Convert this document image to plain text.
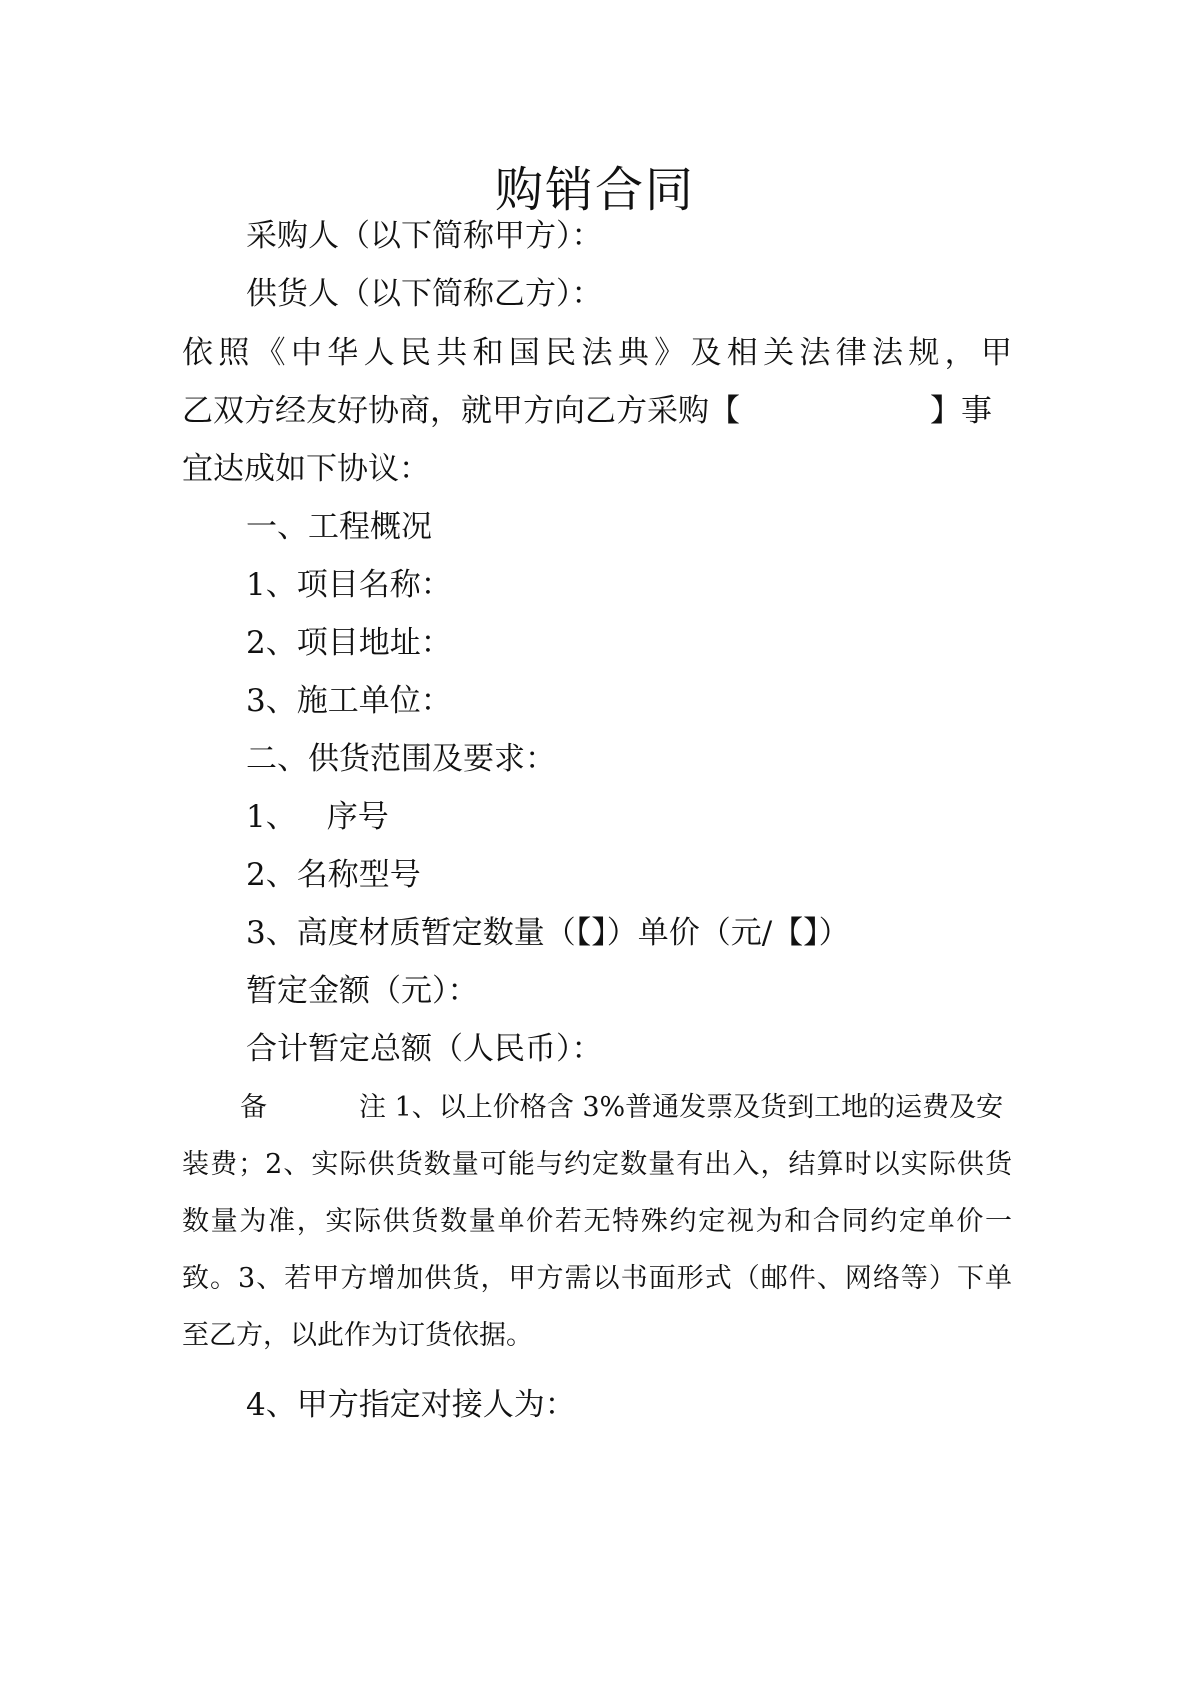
购销合同
采购人（以下简称甲方）：
供货人（以下简称乙方）：
依照《中华人民共和国民法典》及相关法律法规，甲
乙双方经友好协商，就甲方向乙方采购【	】事
宜达成如下协议：
一、工程概况
1、项目名称：
2、项目地址：
3、施工单位：
二、供货范围及要求：
1、 序号
2、名称型号
3、高度材质暂定数量（【】）单价（元/【】）
暂定金额（元）：
合计暂定总额（人民币）：
备	注 1、以上价格含 3%普通发票及货到工地的运费及安
装费；2、实际供货数量可能与约定数量有出入，结算时以实际供货
数量为准，实际供货数量单价若无特殊约定视为和合同约定单价一
致。3、若甲方增加供货，甲方需以书面形式（邮件、网络等）下单
至乙方，以此作为订货依据。
4、甲方指定对接人为：
